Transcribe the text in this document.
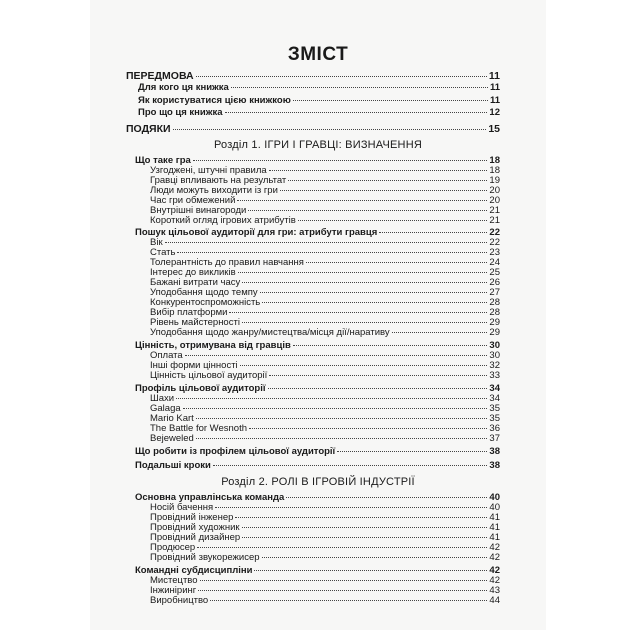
ЗМІСТ
ПЕРЕДМОВА	11
Для кого ця книжка	11
Як користуватися цією книжкою	11
Про що ця книжка	12
ПОДЯКИ	15
Розділ 1. ІГРИ І ГРАВЦІ: ВИЗНАЧЕННЯ
Що таке гра	18
Узгоджені, штучні правила	18
Гравці впливають на результат	19
Люди можуть виходити із гри	20
Час гри обмежений	20
Внутрішні винагороди	21
Короткий огляд ігрових атрибутів	21
Пошук цільової аудиторії для гри: атрибути гравця	22
Вік	22
Стать	23
Толерантність до правил навчання	24
Інтерес до викликів	25
Бажані витрати часу	26
Уподобання щодо темпу	27
Конкурентоспроможність	28
Вибір платформи	28
Рівень майстерності	29
Уподобання щодо жанру/мистецтва/місця дії/наративу	29
Цінність, отримувана від гравців	30
Оплата	30
Інші форми цінності	32
Цінність цільової аудиторії	33
Профіль цільової аудиторії	34
Шахи	34
Galaga	35
Mario Kart	35
The Battle for Wesnoth	36
Bejeweled	37
Що робити із профілем цільової аудиторії	38
Подальші кроки	38
Розділ 2. РОЛІ В ІГРОВІЙ ІНДУСТРІЇ
Основна управлінська команда	40
Носій бачення	40
Провідний інженер	41
Провідний художник	41
Провідний дизайнер	41
Продюсер	42
Провідний звукорежисер	42
Командні субдисципліни	42
Мистецтво	42
Інжиніринг	43
Виробництво	44
